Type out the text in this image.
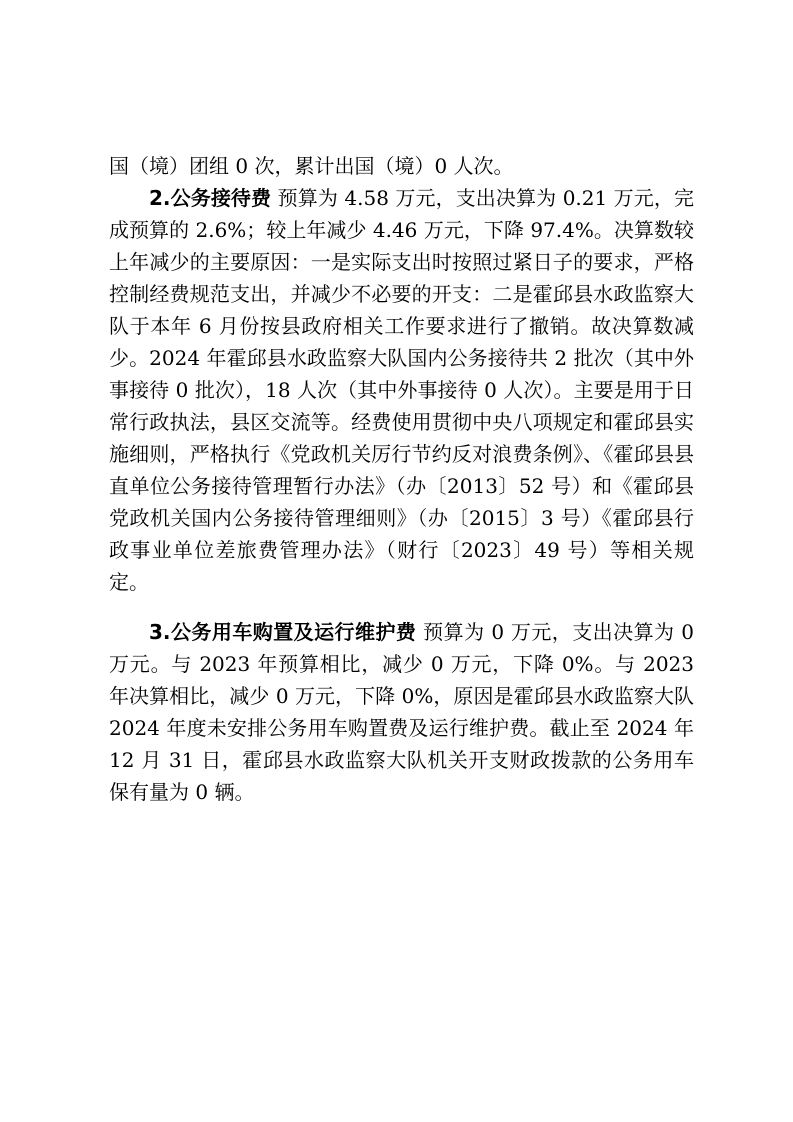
国（境）团组 0 次，累计出国（境）0 人次。

2.公务接待费 预算为 4.58 万元，支出决算为 0.21 万元，完成预算的 2.6%；较上年减少 4.46 万元，下降 97.4%。决算数较上年减少的主要原因：一是实际支出时按照过紧日子的要求，严格控制经费规范支出，并减少不必要的开支：二是霍邱县水政监察大队于本年 6 月份按县政府相关工作要求进行了撤销。故决算数减少。2024 年霍邱县水政监察大队国内公务接待共 2 批次（其中外事接待 0 批次），18 人次（其中外事接待 0 人次）。主要是用于日常行政执法，县区交流等。经费使用贯彻中央八项规定和霍邱县实施细则，严格执行《党政机关厉行节约反对浪费条例》、《霍邱县县直单位公务接待管理暂行办法》（办〔2013〕52 号）和《霍邱县党政机关国内公务接待管理细则》（办〔2015〕3 号）《霍邱县行政事业单位差旅费管理办法》（财行〔2023〕49 号）等相关规定。

3.公务用车购置及运行维护费 预算为 0 万元，支出决算为 0 万元。与 2023 年预算相比，减少 0 万元，下降 0%。与 2023 年决算相比，减少 0 万元，下降 0%，原因是霍邱县水政监察大队 2024 年度未安排公务用车购置费及运行维护费。截止至 2024 年 12 月 31 日，霍邱县水政监察大队机关开支财政拨款的公务用车保有量为 0 辆。
